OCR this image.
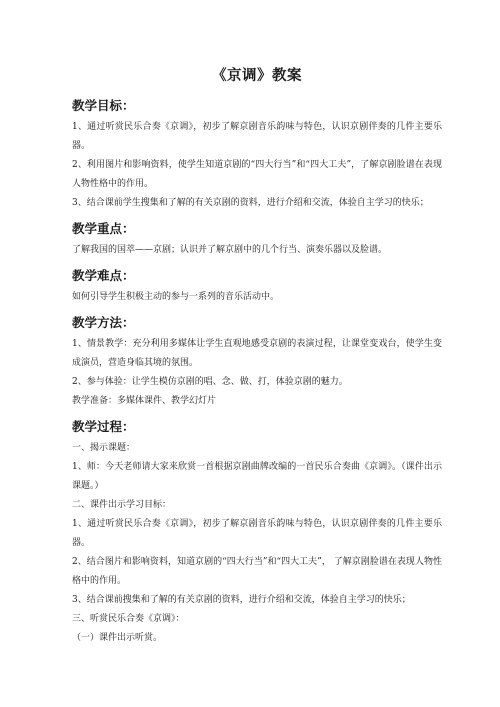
《京调》教案
教学目标：

1、通过听赏民乐合奏《京调》，初步了解京剧音乐韵味与特色，认识京剧伴奏的几件主要乐器。

2、利用图片和影响资料，使学生知道京剧的“四大行当”和“四大工夫”，了解京剧脸谱在表现人物性格中的作用。

3、结合课前学生搜集和了解的有关京剧的资料，进行介绍和交流，体验自主学习的快乐；

教学重点：

了解我国的国萃——京剧；认识并了解京剧中的几个行当、演奏乐器以及脸谱。

教学难点：

如何引导学生积极主动的参与一系列的音乐活动中。

教学方法：

1、情景教学：充分利用多媒体让学生直观地感受京剧的表演过程，让课堂变戏台，使学生变成演员，营造身临其境的氛围。

2、参与体验：让学生模仿京剧的唱、念、做、打，体验京剧的魅力。

教学准备：多媒体课件、教学幻灯片

教学过程：

一、揭示课题：

1、师：今天老师请大家来欣赏一首根据京剧曲牌改编的一首民乐合奏曲《京调》。（课件出示课题。）

二、课件出示学习目标：

1、通过听赏民乐合奏《京调》，初步了解京剧音乐韵味与特色，认识京剧伴奏的几件主要乐器。

2、结合图片和影响资料，知道京剧的“四大行当”和“四大工夫”， 了解京剧脸谱在表现人物性格中的作用。

3、结合课前搜集和了解的有关京剧的资料，进行介绍和交流，体验自主学习的快乐；

三、听赏民乐合奏《京调》：

（一）课件出示听赏。
